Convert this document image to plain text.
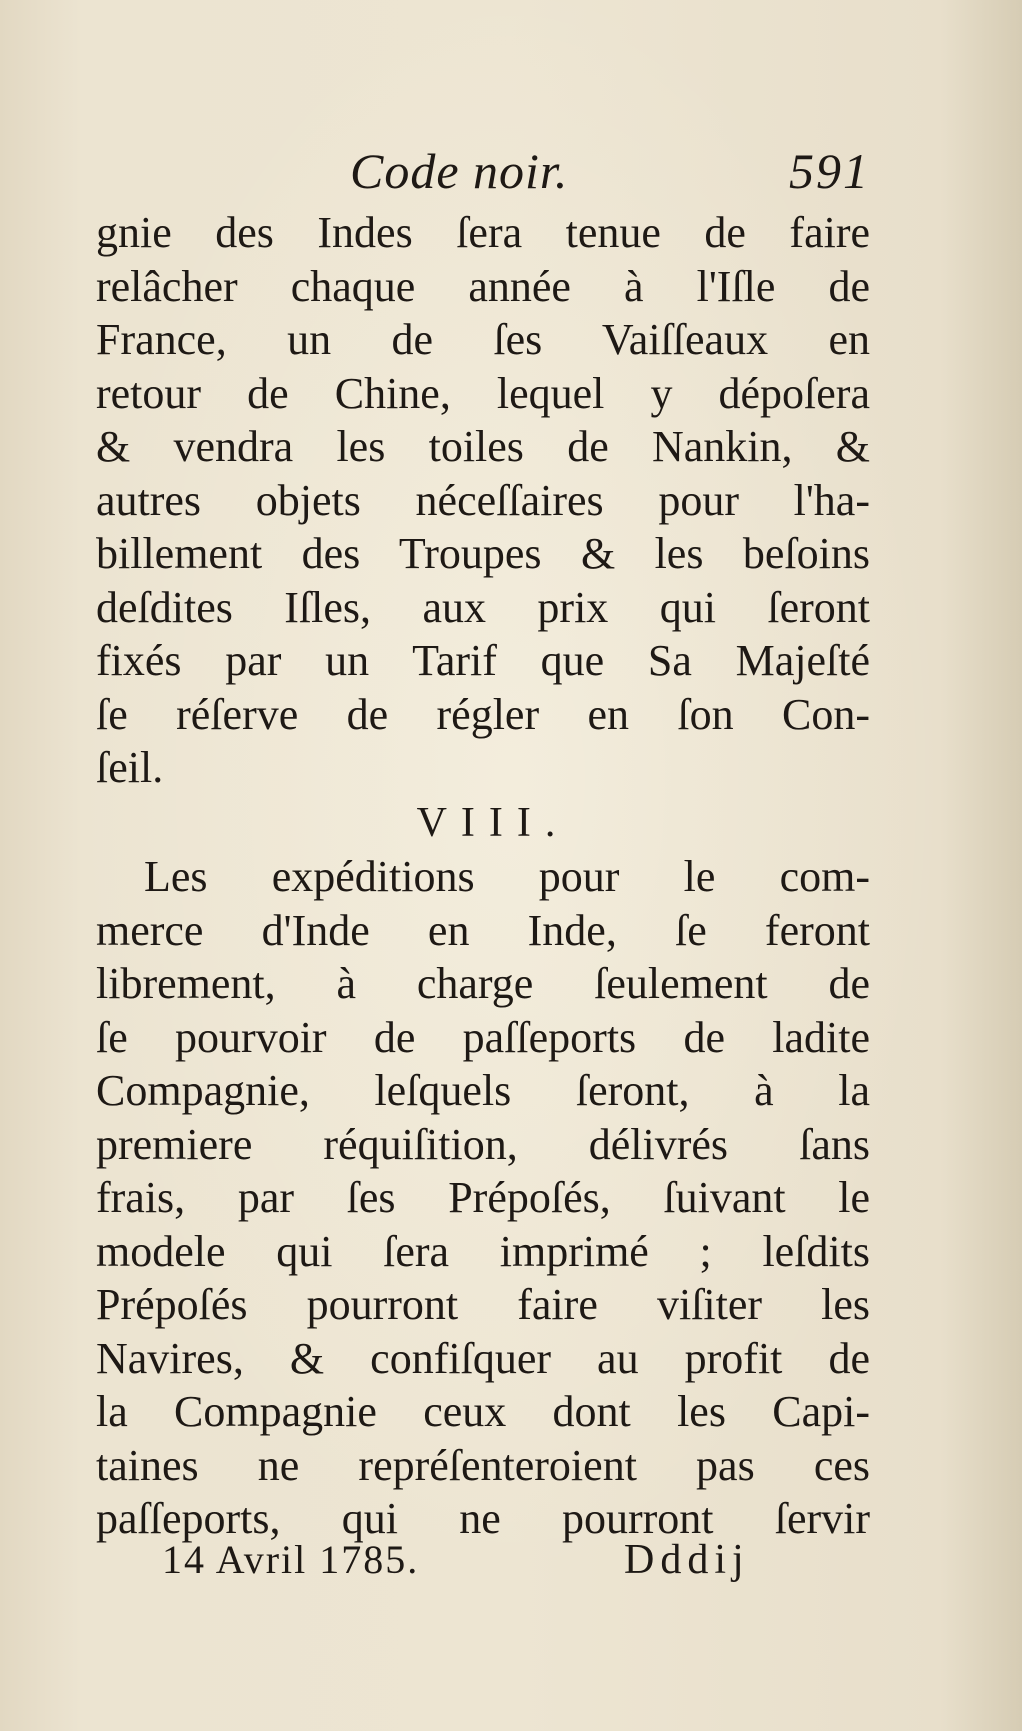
Code noir.	591
gnie des Indes ſera tenue de faire
relâcher chaque année à l'Iſle de
France, un de ſes Vaiſſeaux en
retour de Chine, lequel y dépoſera
& vendra les toiles de Nankin, &
autres objets néceſſaires pour l'ha-
billement des Troupes & les beſoins
deſdites Iſles, aux prix qui ſeront
fixés par un Tarif que Sa Majeſté
ſe réſerve de régler en ſon Con-
ſeil.
VIII.
Les expéditions pour le com-
merce d'Inde en Inde, ſe feront
librement, à charge ſeulement de
ſe pourvoir de paſſeports de ladite
Compagnie, leſquels ſeront, à la
premiere réquiſition, délivrés ſans
frais, par ſes Prépoſés, ſuivant le
modele qui ſera imprimé ; leſdits
Prépoſés pourront faire viſiter les
Navires, & confiſquer au profit de
la Compagnie ceux dont les Capi-
taines ne repréſenteroient pas ces
paſſeports, qui ne pourront ſervir
14 Avril 1785.	Dddij
